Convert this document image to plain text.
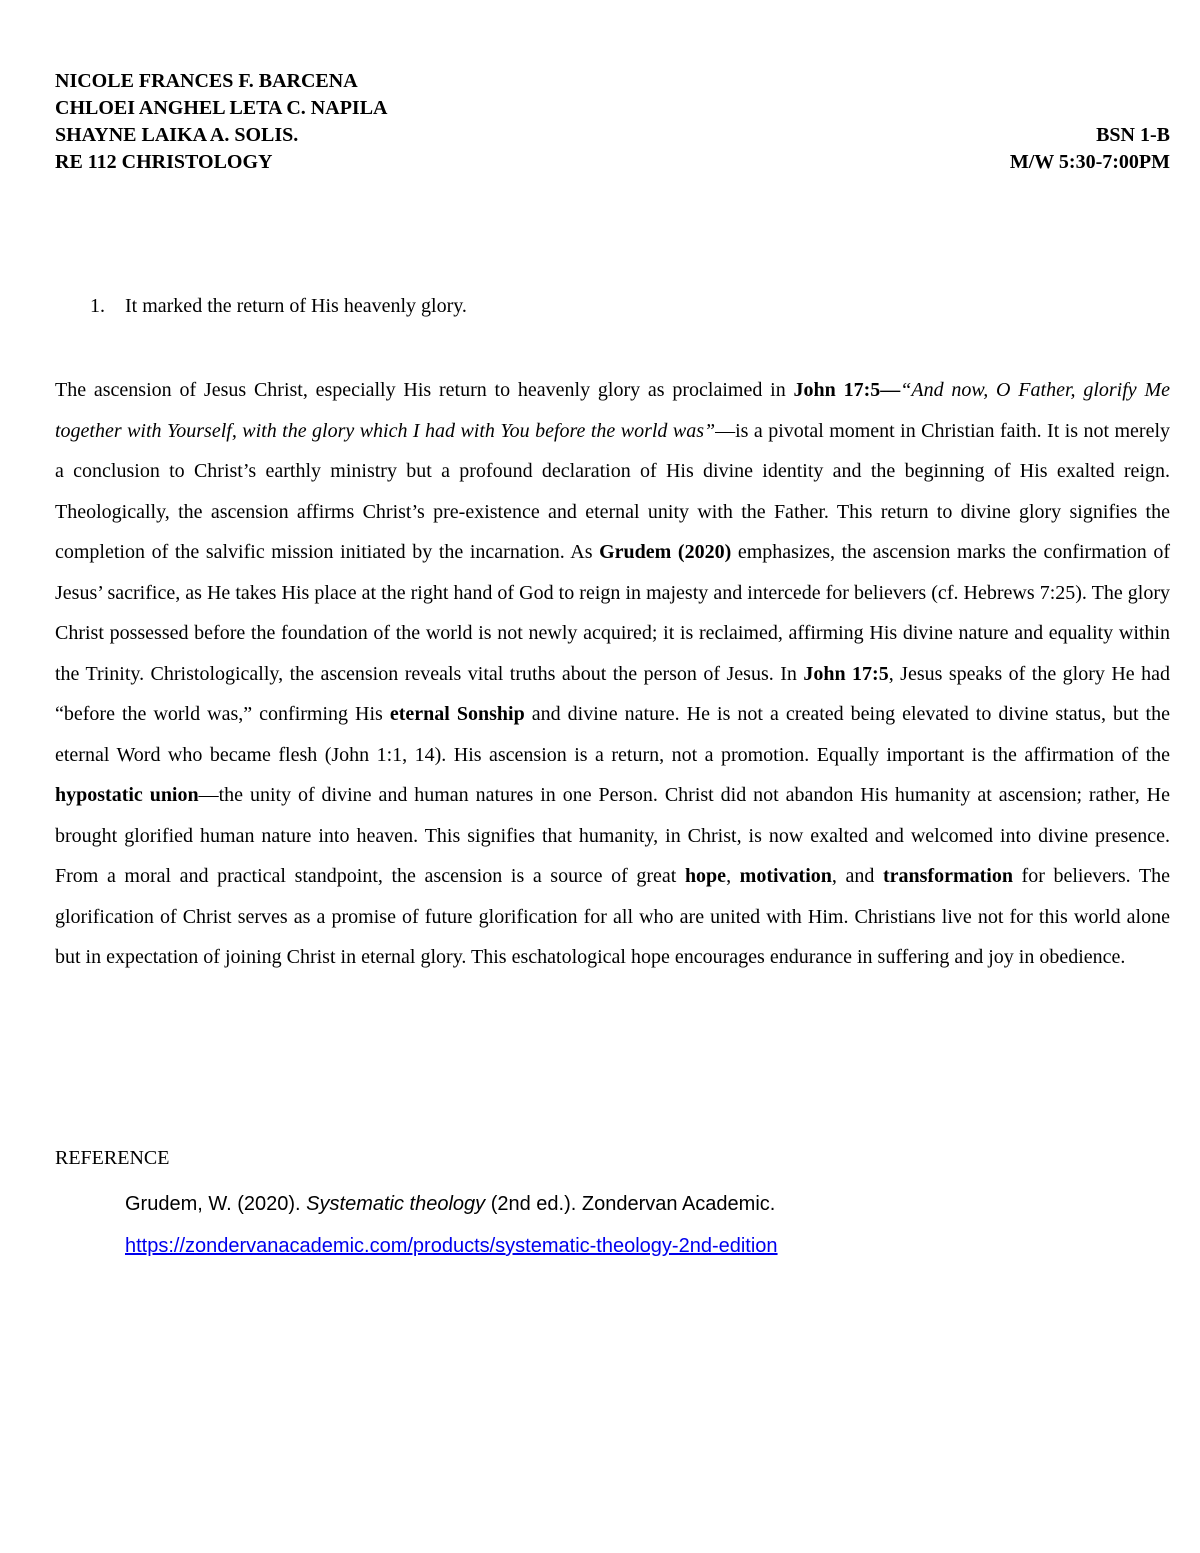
NICOLE FRANCES F. BARCENA
CHLOEI ANGHEL LETA C. NAPILA
SHAYNE LAIKA A. SOLIS.	BSN 1-B
RE 112 CHRISTOLOGY	M/W 5:30-7:00PM
1. It marked the return of His heavenly glory.
The ascension of Jesus Christ, especially His return to heavenly glory as proclaimed in John 17:5—“And now, O Father, glorify Me together with Yourself, with the glory which I had with You before the world was”—is a pivotal moment in Christian faith. It is not merely a conclusion to Christ’s earthly ministry but a profound declaration of His divine identity and the beginning of His exalted reign. Theologically, the ascension affirms Christ’s pre-existence and eternal unity with the Father. This return to divine glory signifies the completion of the salvific mission initiated by the incarnation. As Grudem (2020) emphasizes, the ascension marks the confirmation of Jesus’ sacrifice, as He takes His place at the right hand of God to reign in majesty and intercede for believers (cf. Hebrews 7:25). The glory Christ possessed before the foundation of the world is not newly acquired; it is reclaimed, affirming His divine nature and equality within the Trinity. Christologically, the ascension reveals vital truths about the person of Jesus. In John 17:5, Jesus speaks of the glory He had “before the world was,” confirming His eternal Sonship and divine nature. He is not a created being elevated to divine status, but the eternal Word who became flesh (John 1:1, 14). His ascension is a return, not a promotion. Equally important is the affirmation of the hypostatic union—the unity of divine and human natures in one Person. Christ did not abandon His humanity at ascension; rather, He brought glorified human nature into heaven. This signifies that humanity, in Christ, is now exalted and welcomed into divine presence. From a moral and practical standpoint, the ascension is a source of great hope, motivation, and transformation for believers. The glorification of Christ serves as a promise of future glorification for all who are united with Him. Christians live not for this world alone but in expectation of joining Christ in eternal glory. This eschatological hope encourages endurance in suffering and joy in obedience.
REFERENCE
Grudem, W. (2020). Systematic theology (2nd ed.). Zondervan Academic.
https://zondervanacademic.com/products/systematic-theology-2nd-edition
